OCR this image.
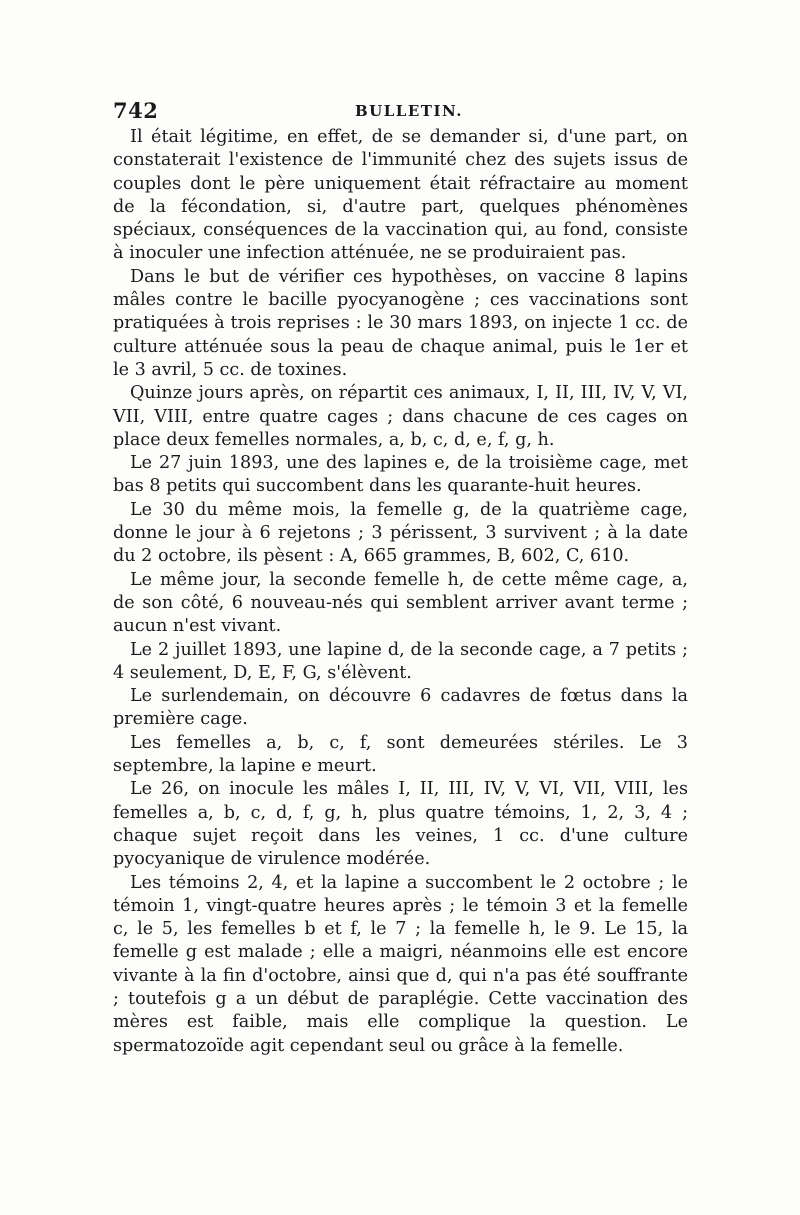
742	BULLETIN.

Il était légitime, en effet, de se demander si, d'une part, on constaterait l'existence de l'immunité chez des sujets issus de couples dont le père uniquement était réfractaire au moment de la fécondation, si, d'autre part, quelques phénomènes spéciaux, conséquences de la vaccination qui, au fond, consiste à inoculer une infection atténuée, ne se produiraient pas.

Dans le but de vérifier ces hypothèses, on vaccine 8 lapins mâles contre le bacille pyocyanogène ; ces vaccinations sont pratiquées à trois reprises : le 30 mars 1893, on injecte 1 cc. de culture atténuée sous la peau de chaque animal, puis le 1er et le 3 avril, 5 cc. de toxines.

Quinze jours après, on répartit ces animaux, I, II, III, IV, V, VI, VII, VIII, entre quatre cages ; dans chacune de ces cages on place deux femelles normales, a, b, c, d, e, f, g, h.

Le 27 juin 1893, une des lapines e, de la troisième cage, met bas 8 petits qui succombent dans les quarante-huit heures.

Le 30 du même mois, la femelle g, de la quatrième cage, donne le jour à 6 rejetons ; 3 périssent, 3 survivent ; à la date du 2 octobre, ils pèsent : A, 665 grammes, B, 602, C, 610.

Le même jour, la seconde femelle h, de cette même cage, a, de son côté, 6 nouveau-nés qui semblent arriver avant terme ; aucun n'est vivant.

Le 2 juillet 1893, une lapine d, de la seconde cage, a 7 petits ; 4 seulement, D, E, F, G, s'élèvent.

Le surlendemain, on découvre 6 cadavres de fœtus dans la première cage.

Les femelles a, b, c, f, sont demeurées stériles. Le 3 septembre, la lapine e meurt.

Le 26, on inocule les mâles I, II, III, IV, V, VI, VII, VIII, les femelles a, b, c, d, f, g, h, plus quatre témoins, 1, 2, 3, 4 ; chaque sujet reçoit dans les veines, 1 cc. d'une culture pyocyanique de virulence modérée.

Les témoins 2, 4, et la lapine a succombent le 2 octobre ; le témoin 1, vingt-quatre heures après ; le témoin 3 et la femelle c, le 5, les femelles b et f, le 7 ; la femelle h, le 9. Le 15, la femelle g est malade ; elle a maigri, néanmoins elle est encore vivante à la fin d'octobre, ainsi que d, qui n'a pas été souffrante ; toutefois g a un début de paraplégie. Cette vaccination des mères est faible, mais elle complique la question. Le spermatozoïde agit cependant seul ou grâce à la femelle.
